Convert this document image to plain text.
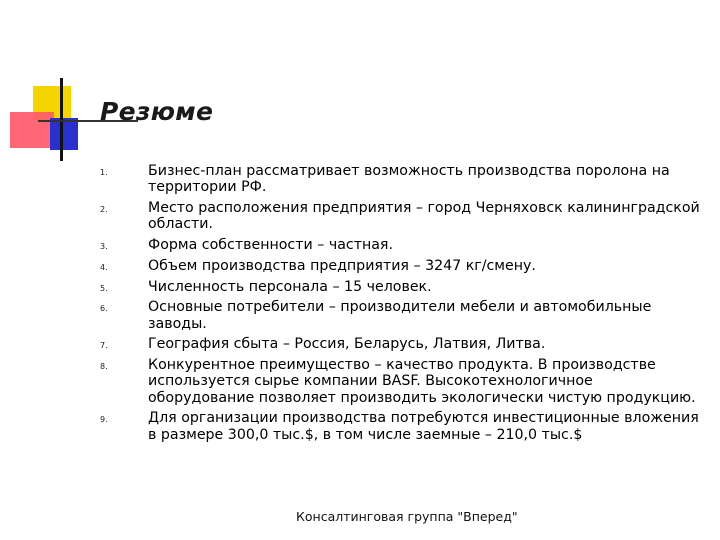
Резюме
1.	Бизнес-план рассматривает возможность производства поролона на территории РФ.
2.	Место расположения предприятия – город Черняховск калининградской области.
3.	Форма собственности – частная.
4.	Объем производства предприятия – 3247 кг/смену.
5.	Численность персонала – 15 человек.
6.	Основные потребители – производители мебели и автомобильные заводы.
7.	География сбыта – Россия, Беларусь, Латвия, Литва.
8.	Конкурентное преимущество – качество продукта. В производстве используется сырье компании BASF. Высокотехнологичное оборудование позволяет производить экологически чистую продукцию.
9.	Для организации производства потребуются инвестиционные вложения в размере 300,0 тыс.$, в том числе заемные – 210,0 тыс.$
Консалтинговая группа "Вперед"
